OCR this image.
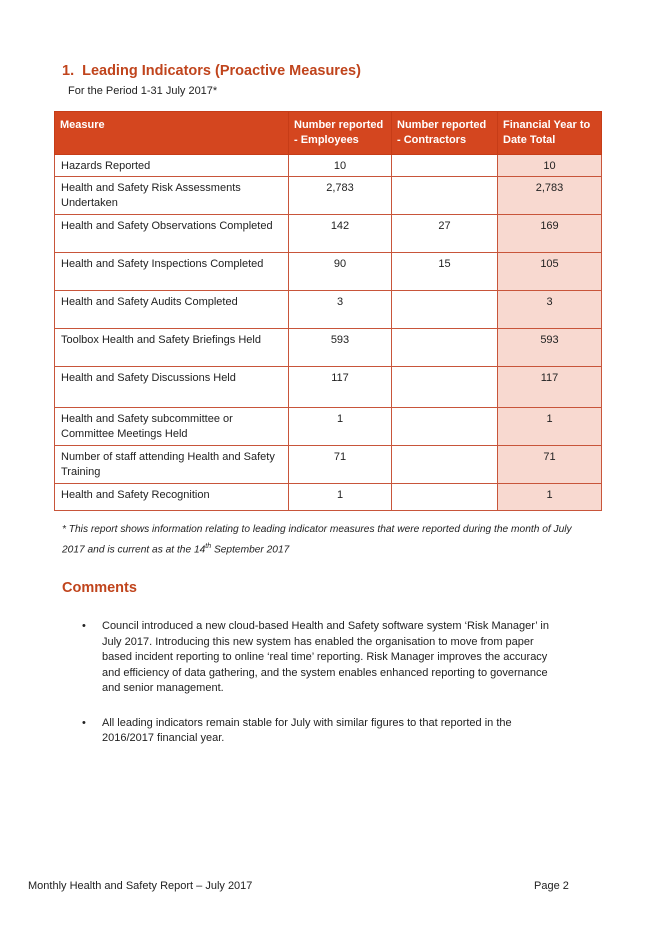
1. Leading Indicators (Proactive Measures)
For the Period 1-31 July 2017*
Measure	Number reported - Employees	Number reported - Contractors	Financial Year to Date Total
Hazards Reported	10		10
Health and Safety Risk Assessments Undertaken	2,783		2,783
Health and Safety Observations Completed	142	27	169
Health and Safety Inspections Completed	90	15	105
Health and Safety Audits Completed	3		3
Toolbox Health and Safety Briefings Held	593		593
Health and Safety Discussions Held	117		117
Health and Safety subcommittee or Committee Meetings Held	1		1
Number of staff attending Health and Safety Training	71		71
Health and Safety Recognition	1		1
* This report shows information relating to leading indicator measures that were reported during the month of July 2017 and is current as at the 14th September 2017
Comments
• Council introduced a new cloud-based Health and Safety software system ‘Risk Manager’ in July 2017. Introducing this new system has enabled the organisation to move from paper based incident reporting to online ‘real time’ reporting. Risk Manager improves the accuracy and efficiency of data gathering, and the system enables enhanced reporting to governance and senior management.
• All leading indicators remain stable for July with similar figures to that reported in the 2016/2017 financial year.
Monthly Health and Safety Report – July 2017	Page 2
